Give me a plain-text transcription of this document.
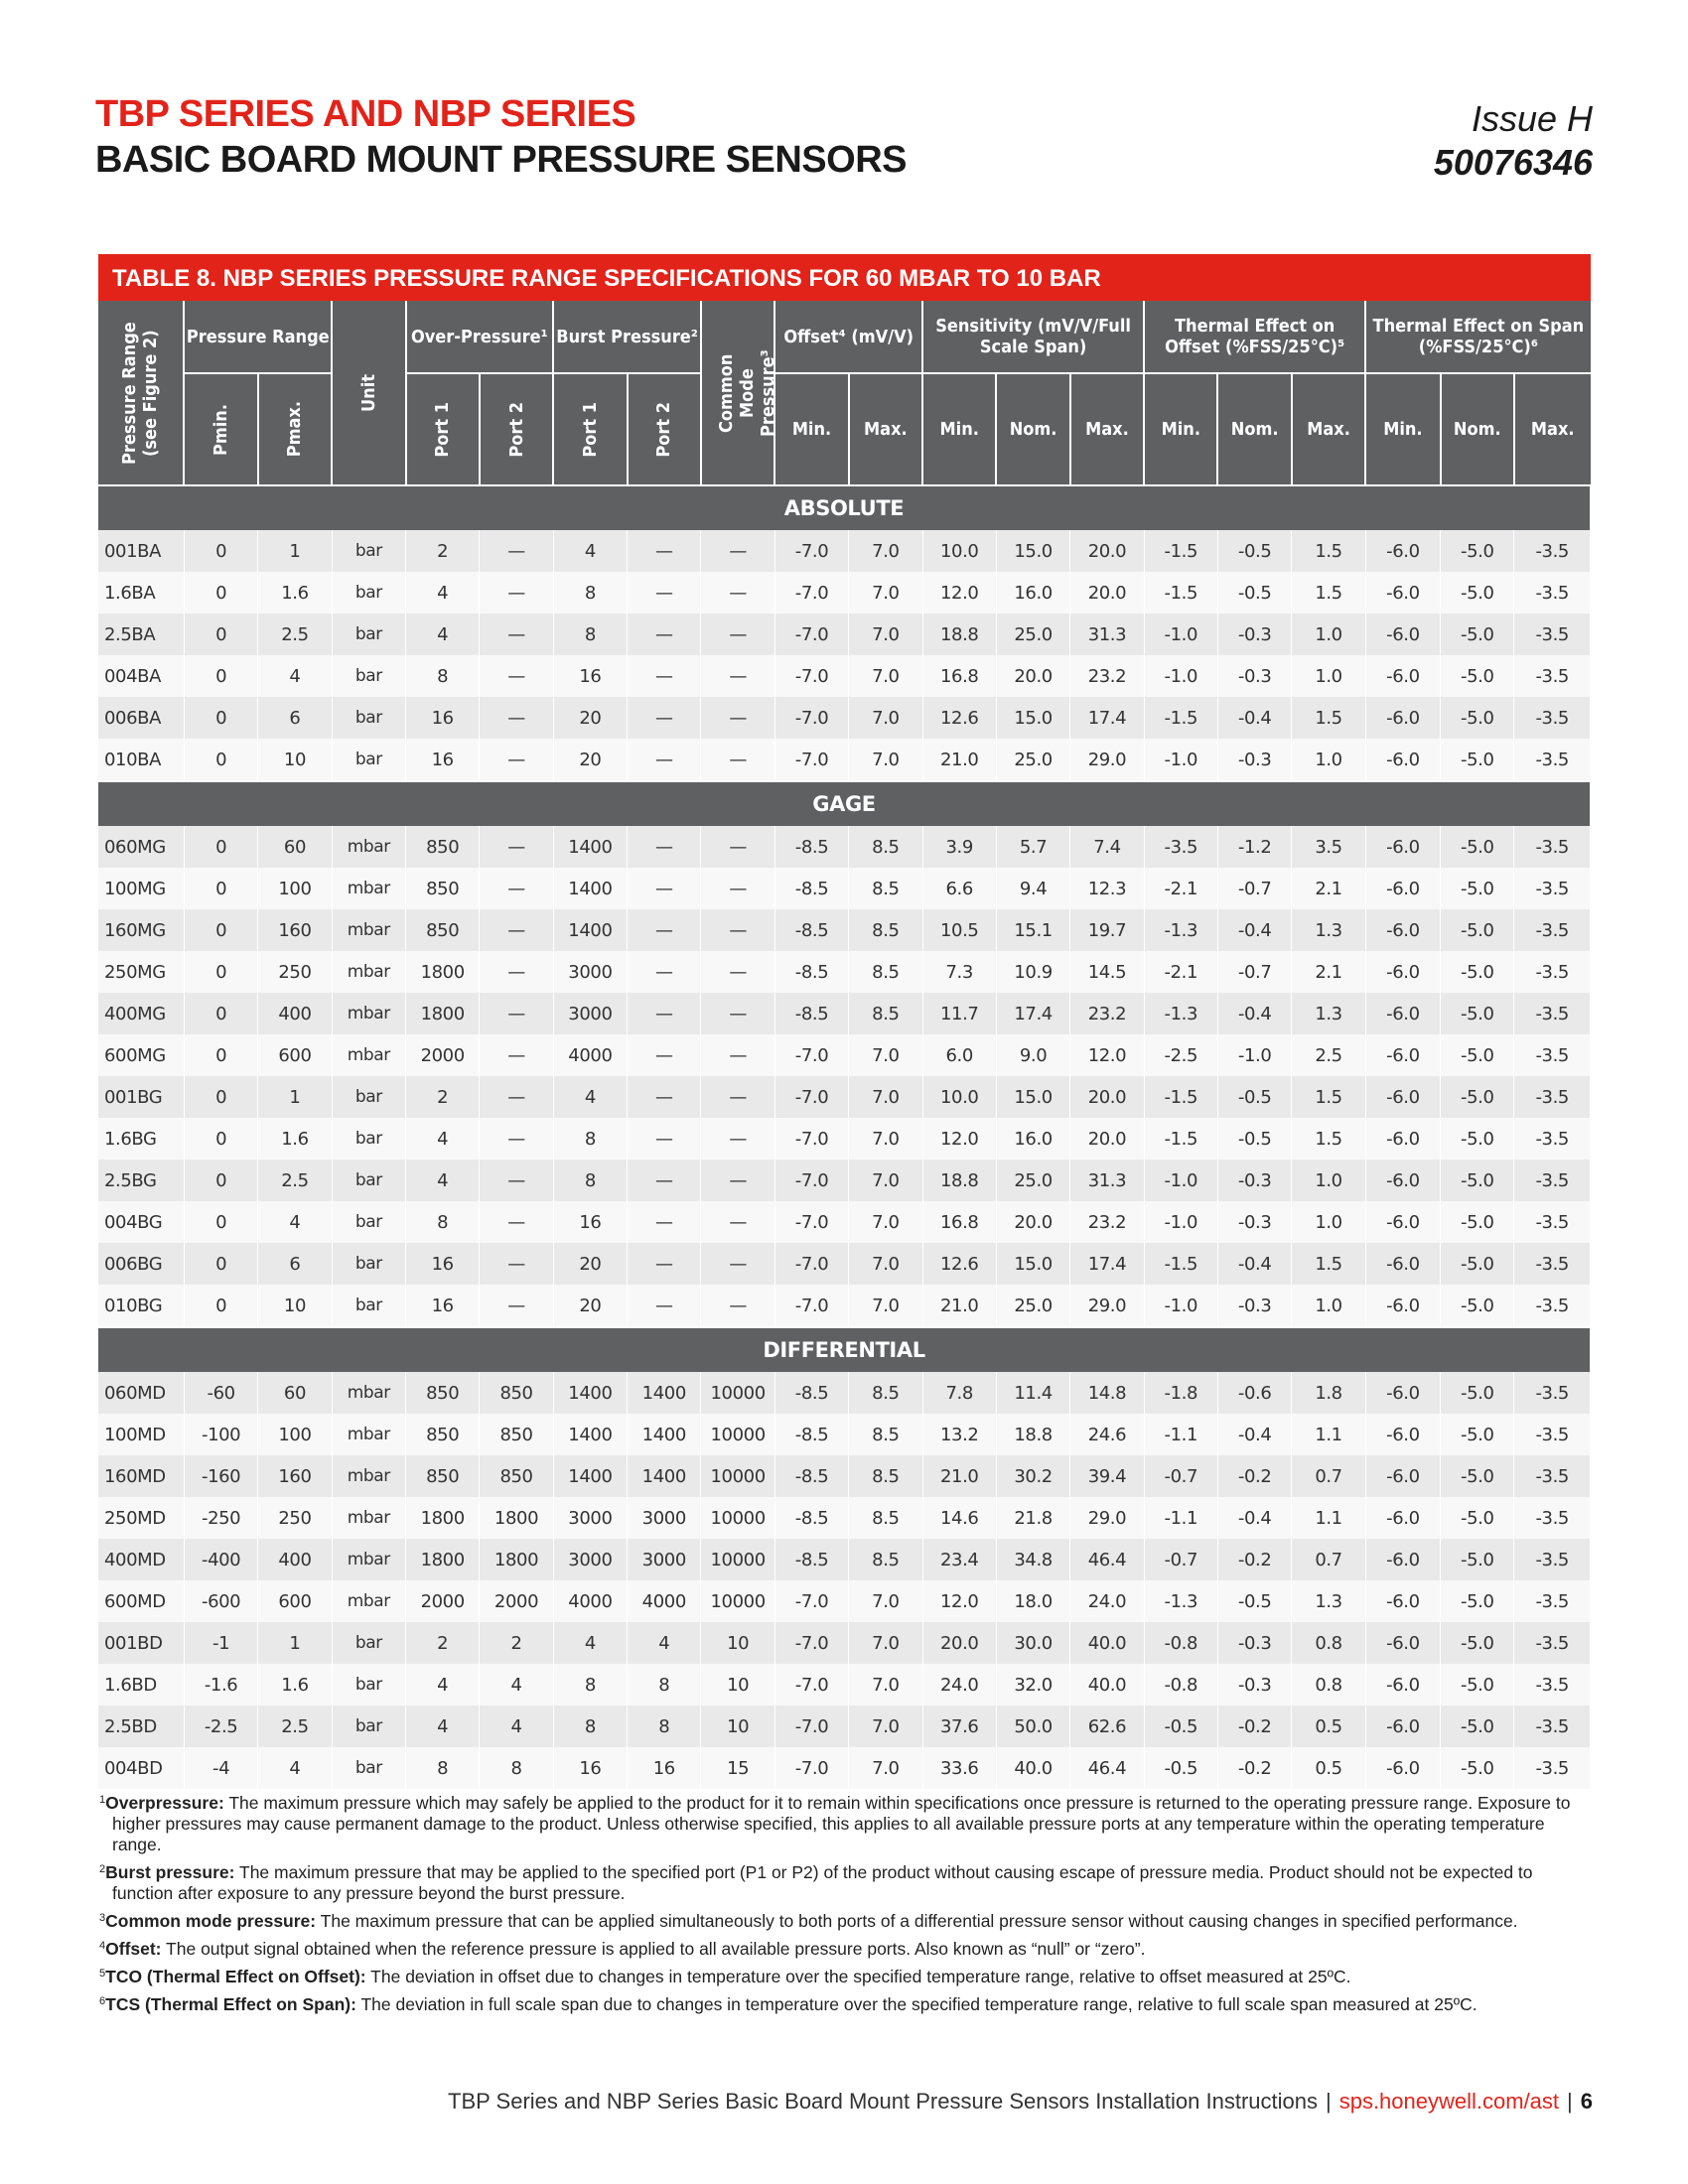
TBP SERIES AND NBP SERIES
BASIC BOARD MOUNT PRESSURE SENSORS
Issue H
50076346
TABLE 8. NBP SERIES PRESSURE RANGE SPECIFICATIONS FOR 60 MBAR TO 10 BAR
Pressure Range (see Figure 2)	Pressure Range		Unit	Over-Pressure¹		Burst Pressure²		Common Mode Pressure³	Offset⁴ (mV/V)		Sensitivity (mV/V/Full Scale Span)			Thermal Effect on Offset (%FSS/25°C)⁵			Thermal Effect on Span (%FSS/25°C)⁶		

	Pmin.	Pmax.		Port 1	Port 2	Port 1	Port 2		Min.	Max.	Min.	Nom.	Max.	Min.	Nom.	Max.	Min.	Nom.	Max.
ABSOLUTE																			
001BA	0	1	bar	2	—	4	—	—	-7.0	7.0	10.0	15.0	20.0	-1.5	-0.5	1.5	-6.0	-5.0	-3.5
1.6BA	0	1.6	bar	4	—	8	—	—	-7.0	7.0	12.0	16.0	20.0	-1.5	-0.5	1.5	-6.0	-5.0	-3.5
2.5BA	0	2.5	bar	4	—	8	—	—	-7.0	7.0	18.8	25.0	31.3	-1.0	-0.3	1.0	-6.0	-5.0	-3.5
004BA	0	4	bar	8	—	16	—	—	-7.0	7.0	16.8	20.0	23.2	-1.0	-0.3	1.0	-6.0	-5.0	-3.5
006BA	0	6	bar	16	—	20	—	—	-7.0	7.0	12.6	15.0	17.4	-1.5	-0.4	1.5	-6.0	-5.0	-3.5
010BA	0	10	bar	16	—	20	—	—	-7.0	7.0	21.0	25.0	29.0	-1.0	-0.3	1.0	-6.0	-5.0	-3.5
GAGE																			
060MG	0	60	mbar	850	—	1400	—	—	-8.5	8.5	3.9	5.7	7.4	-3.5	-1.2	3.5	-6.0	-5.0	-3.5
100MG	0	100	mbar	850	—	1400	—	—	-8.5	8.5	6.6	9.4	12.3	-2.1	-0.7	2.1	-6.0	-5.0	-3.5
160MG	0	160	mbar	850	—	1400	—	—	-8.5	8.5	10.5	15.1	19.7	-1.3	-0.4	1.3	-6.0	-5.0	-3.5
250MG	0	250	mbar	1800	—	3000	—	—	-8.5	8.5	7.3	10.9	14.5	-2.1	-0.7	2.1	-6.0	-5.0	-3.5
400MG	0	400	mbar	1800	—	3000	—	—	-8.5	8.5	11.7	17.4	23.2	-1.3	-0.4	1.3	-6.0	-5.0	-3.5
600MG	0	600	mbar	2000	—	4000	—	—	-7.0	7.0	6.0	9.0	12.0	-2.5	-1.0	2.5	-6.0	-5.0	-3.5
001BG	0	1	bar	2	—	4	—	—	-7.0	7.0	10.0	15.0	20.0	-1.5	-0.5	1.5	-6.0	-5.0	-3.5
1.6BG	0	1.6	bar	4	—	8	—	—	-7.0	7.0	12.0	16.0	20.0	-1.5	-0.5	1.5	-6.0	-5.0	-3.5
2.5BG	0	2.5	bar	4	—	8	—	—	-7.0	7.0	18.8	25.0	31.3	-1.0	-0.3	1.0	-6.0	-5.0	-3.5
004BG	0	4	bar	8	—	16	—	—	-7.0	7.0	16.8	20.0	23.2	-1.0	-0.3	1.0	-6.0	-5.0	-3.5
006BG	0	6	bar	16	—	20	—	—	-7.0	7.0	12.6	15.0	17.4	-1.5	-0.4	1.5	-6.0	-5.0	-3.5
010BG	0	10	bar	16	—	20	—	—	-7.0	7.0	21.0	25.0	29.0	-1.0	-0.3	1.0	-6.0	-5.0	-3.5
DIFFERENTIAL																			
060MD	-60	60	mbar	850	850	1400	1400	10000	-8.5	8.5	7.8	11.4	14.8	-1.8	-0.6	1.8	-6.0	-5.0	-3.5
100MD	-100	100	mbar	850	850	1400	1400	10000	-8.5	8.5	13.2	18.8	24.6	-1.1	-0.4	1.1	-6.0	-5.0	-3.5
160MD	-160	160	mbar	850	850	1400	1400	10000	-8.5	8.5	21.0	30.2	39.4	-0.7	-0.2	0.7	-6.0	-5.0	-3.5
250MD	-250	250	mbar	1800	1800	3000	3000	10000	-8.5	8.5	14.6	21.8	29.0	-1.1	-0.4	1.1	-6.0	-5.0	-3.5
400MD	-400	400	mbar	1800	1800	3000	3000	10000	-8.5	8.5	23.4	34.8	46.4	-0.7	-0.2	0.7	-6.0	-5.0	-3.5
600MD	-600	600	mbar	2000	2000	4000	4000	10000	-7.0	7.0	12.0	18.0	24.0	-1.3	-0.5	1.3	-6.0	-5.0	-3.5
001BD	-1	1	bar	2	2	4	4	10	-7.0	7.0	20.0	30.0	40.0	-0.8	-0.3	0.8	-6.0	-5.0	-3.5
1.6BD	-1.6	1.6	bar	4	4	8	8	10	-7.0	7.0	24.0	32.0	40.0	-0.8	-0.3	0.8	-6.0	-5.0	-3.5
2.5BD	-2.5	2.5	bar	4	4	8	8	10	-7.0	7.0	37.6	50.0	62.6	-0.5	-0.2	0.5	-6.0	-5.0	-3.5
004BD	-4	4	bar	8	8	16	16	15	-7.0	7.0	33.6	40.0	46.4	-0.5	-0.2	0.5	-6.0	-5.0	-3.5
$^1$Overpressure: The maximum pressure which may safely be applied to the product for it to remain within specifications once pressure is returned to the operating pressure range. Exposure to higher pressures may cause permanent damage to the product. Unless otherwise specified, this applies to all available pressure ports at any temperature within the operating temperature range.
$^2$Burst pressure: The maximum pressure that may be applied to the specified port (P1 or P2) of the product without causing escape of pressure media. Product should not be expected to function after exposure to any pressure beyond the burst pressure.
$^3$Common mode pressure: The maximum pressure that can be applied simultaneously to both ports of a differential pressure sensor without causing changes in specified performance.
$^4$Offset: The output signal obtained when the reference pressure is applied to all available pressure ports. Also known as “null” or “zero”.
$^5$TCO (Thermal Effect on Offset): The deviation in offset due to changes in temperature over the specified temperature range, relative to offset measured at 25ºC.
$^6$TCS (Thermal Effect on Span): The deviation in full scale span due to changes in temperature over the specified temperature range, relative to full scale span measured at 25ºC.
TBP Series and NBP Series Basic Board Mount Pressure Sensors Installation Instructions | sps.honeywell.com/ast | 6
